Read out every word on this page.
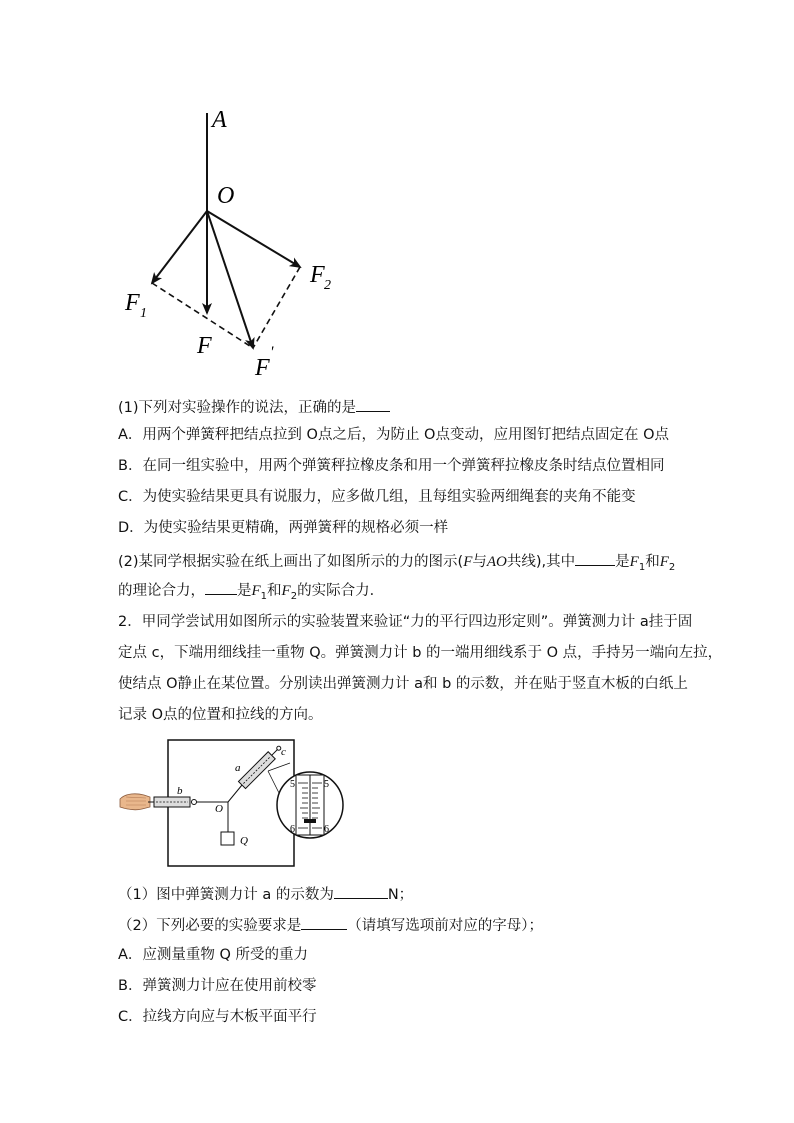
A
O
F 1
F 2
F
F
'
(1)下列对实验操作的说法，正确的是
A．用两个弹簧秤把结点拉到 O点之后，为防止 O点变动，应用图钉把结点固定在 O点
B．在同一组实验中，用两个弹簧秤拉橡皮条和用一个弹簧秤拉橡皮条时结点位置相同
C．为使实验结果更具有说服力，应多做几组，且每组实验两细绳套的夹角不能变
D．为使实验结果更精确，两弹簧秤的规格必须一样
(2)某同学根据实验在纸上画出了如图所示的力的图示(F与AO共线),其中	是$F_1$和$F_2$
的理论合力， 是$F_1$和$F_2$的实际合力．
2．甲同学尝试用如图所示的实验装置来验证“力的平行四边形定则”。弹簧测力计 a挂于固
定点 c，下端用细线挂一重物 Q。弹簧测力计 b 的一端用细线系于 O 点，手持另一端向左拉，
使结点 O静止在某位置。分别读出弹簧测力计 a和 b 的示数，并在贴于竖直木板的白纸上
记录 O点的位置和拉线的方向。
a
b
c
O
Q
5	5
6	6
（1）图中弹簧测力计 a 的示数为	N；
（2）下列必要的实验要求是	（请填写选项前对应的字母）；
A．应测量重物 Q 所受的重力
B．弹簧测力计应在使用前校零
C．拉线方向应与木板平面平行
